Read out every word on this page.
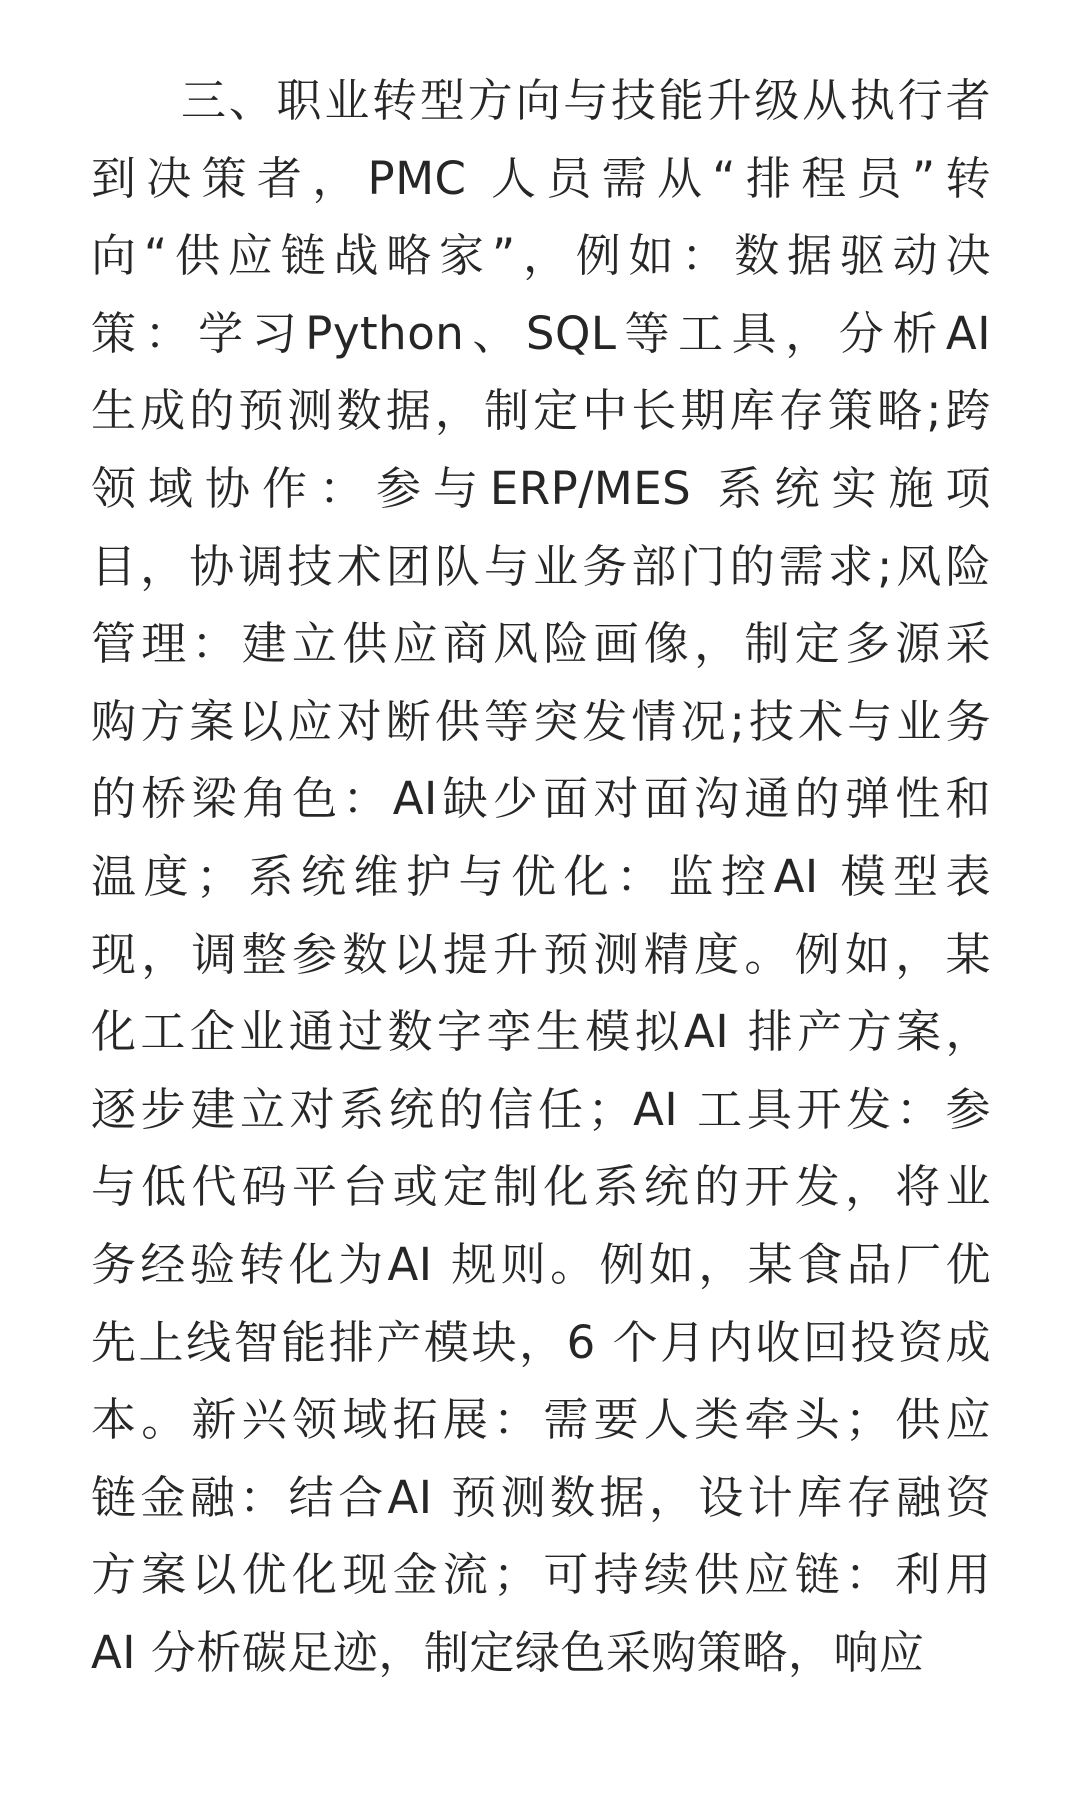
三、职业转型方向与技能升级从执行者
到决策者，PMC 人员需从“排程员”转
向“供应链战略家”，例如：数据驱动决
策：学习Python、SQL等工具，分析AI
生成的预测数据，制定中长期库存策略;跨
领域协作：参与ERP/MES 系统实施项
目，协调技术团队与业务部门的需求;风险
管理：建立供应商风险画像，制定多源采
购方案以应对断供等突发情况;技术与业务
的桥梁角色：AI缺少面对面沟通的弹性和
温度；系统维护与优化：监控AI 模型表
现，调整参数以提升预测精度。例如，某
化工企业通过数字孪生模拟AI 排产方案，
逐步建立对系统的信任；AI 工具开发：参
与低代码平台或定制化系统的开发，将业
务经验转化为AI 规则。例如，某食品厂优
先上线智能排产模块，6 个月内收回投资成
本。新兴领域拓展：需要人类牵头；供应
链金融：结合AI 预测数据，设计库存融资
方案以优化现金流；可持续供应链：利用
AI 分析碳足迹，制定绿色采购策略，响应
